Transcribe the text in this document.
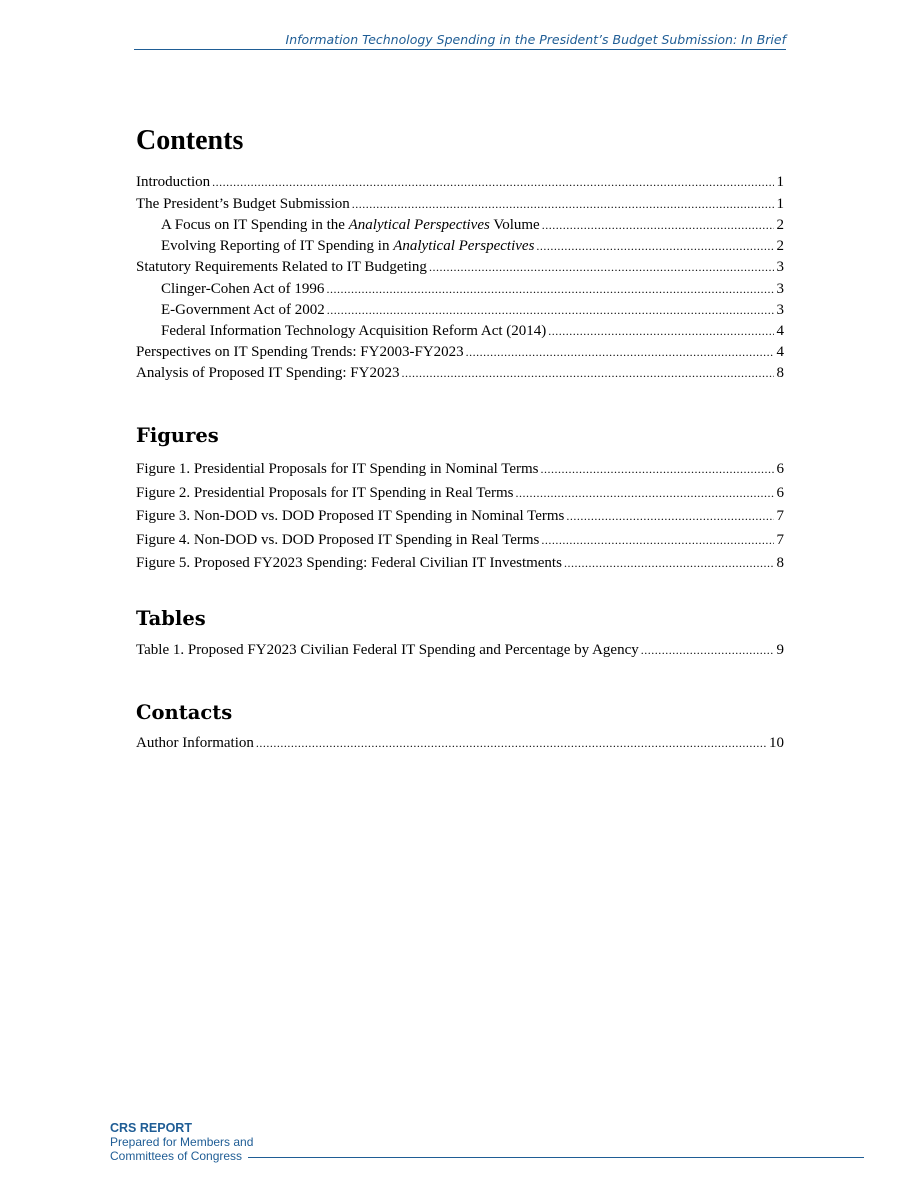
Information Technology Spending in the President’s Budget Submission: In Brief
Contents
Introduction .....	1
The President’s Budget Submission .....	1
A Focus on IT Spending in the Analytical Perspectives Volume .....	2
Evolving Reporting of IT Spending in Analytical Perspectives .....	2
Statutory Requirements Related to IT Budgeting .....	3
Clinger-Cohen Act of 1996 .....	3
E-Government Act of 2002 .....	3
Federal Information Technology Acquisition Reform Act (2014) .....	4
Perspectives on IT Spending Trends: FY2003-FY2023 .....	4
Analysis of Proposed IT Spending: FY2023 .....	8
Figures
Figure 1. Presidential Proposals for IT Spending in Nominal Terms .....	6
Figure 2. Presidential Proposals for IT Spending in Real Terms .....	6
Figure 3. Non-DOD vs. DOD Proposed IT Spending in Nominal Terms .....	7
Figure 4. Non-DOD vs. DOD Proposed IT Spending in Real Terms .....	7
Figure 5. Proposed FY2023 Spending: Federal Civilian IT Investments .....	8
Tables
Table 1. Proposed FY2023 Civilian Federal IT Spending and Percentage by Agency .....	9
Contacts
Author Information .....	10
CRS REPORT
Prepared for Members and
Committees of Congress
